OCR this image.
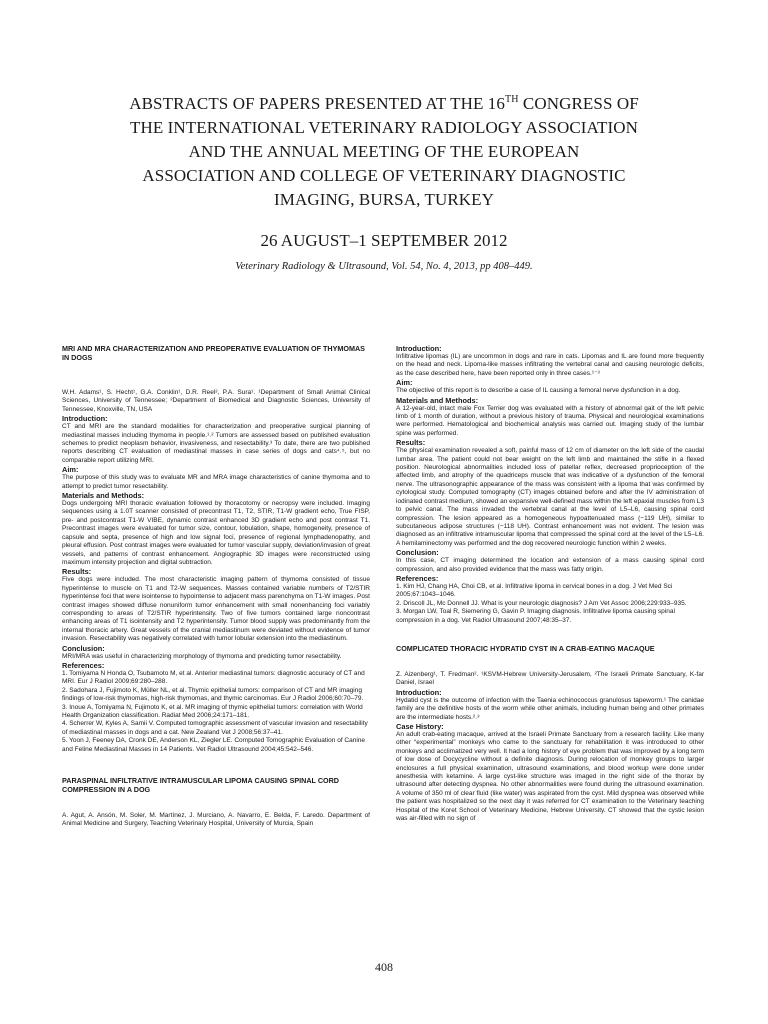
ABSTRACTS OF PAPERS PRESENTED AT THE 16TH CONGRESS OF
THE INTERNATIONAL VETERINARY RADIOLOGY ASSOCIATION
AND THE ANNUAL MEETING OF THE EUROPEAN
ASSOCIATION AND COLLEGE OF VETERINARY DIAGNOSTIC
IMAGING, BURSA, TURKEY

26 AUGUST–1 SEPTEMBER 2012

Veterinary Radiology & Ultrasound, Vol. 54, No. 4, 2013, pp 408–449.

MRI AND MRA CHARACTERIZATION AND PREOPERATIVE EVALUATION OF THYMOMAS IN DOGS

W.H. Adams¹, S. Hecht¹, G.A. Conklin¹, D.R. Reel², P.A. Sura¹. ¹Department of Small Animal Clinical Sciences, University of Tennessee; ²Department of Biomedical and Diagnostic Sciences, University of Tennessee, Knoxville, TN, USA

Introduction:

CT and MRI are the standard modalities for characterization and preoperative surgical planning of mediastinal masses including thymoma in people.¹˒² Tumors are assessed based on published evaluation schemes to predict neoplasm behavior, invasiveness, and resectability.³ To date, there are two published reports describing CT evaluation of mediastinal masses in case series of dogs and cats⁴˒⁵, but no comparable report utilizing MRI.

Aim:

The purpose of this study was to evaluate MR and MRA image characteristics of canine thymoma and to attempt to predict tumor resectability.

Materials and Methods:

Dogs undergoing MRI thoracic evaluation followed by thoracotomy or necropsy were included. Imaging sequences using a 1.0T scanner consisted of precontrast T1, T2, STIR, T1-W gradient echo, True FISP, pre- and postcontrast T1-W VIBE, dynamic contrast enhanced 3D gradient echo and post contrast T1. Precontrast images were evaluated for tumor size, contour, lobulation, shape, homogeneity, presence of capsule and septa, presence of high and low signal foci, presence of regional lymphadenopathy, and pleural effusion. Post contrast images were evaluated for tumor vascular supply, deviation/invasion of great vessels, and patterns of contrast enhancement. Angiographic 3D images were reconstructed using maximum intensity projection and digital subtraction.

Results:

Five dogs were included. The most characteristic imaging pattern of thymoma consisted of tissue hyperintense to muscle on T1 and T2-W sequences. Masses contained variable numbers of T2/STIR hyperintense foci that were isointense to hypointense to adjacent mass parenchyma on T1-W images. Post contrast images showed diffuse nonuniform tumor enhancement with small nonenhancing foci variably corresponding to areas of T2/STIR hyperintensity. Two of five tumors contained large noncontrast enhancing areas of T1 isointensity and T2 hyperintensity. Tumor blood supply was predominantly from the internal thoracic artery. Great vessels of the cranial mediastinum were deviated without evidence of tumor invasion. Resectability was negatively correlated with tumor lobular extension into the mediastinum.

Conclusion:

MRI/MRA was useful in characterizing morphology of thymoma and predicting tumor resectability.

References:

1. Tomiyama N Honda O, Tsubamoto M, et al. Anterior mediastinal tumors: diagnostic accuracy of CT and MRI. Eur J Radiol 2009;69:280–288.
2. Sadohara J, Fujimoto K, Müller NL, et al. Thymic epithelial tumors: comparison of CT and MR imaging findings of low-risk thymomas, high-risk thymomas, and thymic carcinomas. Eur J Radiol 2006;60:70–79.
3. Inoue A, Tomiyama N, Fujimoto K, et al. MR imaging of thymic epithelial tumors: correlation with World Health Organization classification. Radiat Med 2006;24:171–181.
4. Scherrer W, Kyles A, Samii V. Computed tomographic assessment of vascular invasion and resectability of mediastinal masses in dogs and a cat. New Zealand Vet J 2008;56:37–41.
5. Yoon J, Feeney DA, Cronk DE, Anderson KL, Ziegler LE. Computed Tomographic Evaluation of Canine and Feline Mediastinal Masses in 14 Patients. Vet Radiol Ultrasound 2004;45:542–546.

PARASPINAL INFILTRATIVE INTRAMUSCULAR LIPOMA CAUSING SPINAL CORD COMPRESSION IN A DOG

A. Agut, A. Ansón, M. Soler, M. Martínez, J. Murciano, A. Navarro, E. Belda, F. Laredo. Department of Animal Medicine and Surgery, Teaching Veterinary Hospital, University of Murcia, Spain

Introduction:

Infiltrative lipomas (IL) are uncommon in dogs and rare in cats. Lipomas and IL are found more frequently on the head and neck. Lipoma-like masses infiltrating the vertebral canal and causing neurologic deficits, as the case described here, have been reported only in three cases.¹⁻³

Aim:

The objective of this report is to describe a case of IL causing a femoral nerve dysfunction in a dog.

Materials and Methods:

A 12-year-old, intact male Fox Terrier dog was evaluated with a history of abnormal gait of the left pelvic limb of 1 month of duration, without a previous history of trauma. Physical and neurological examinations were performed. Hematological and biochemical analysis was carried out. Imaging study of the lumbar spine was performed.

Results:

The physical examination revealed a soft, painful mass of 12 cm of diameter on the left side of the caudal lumbar area. The patient could not bear weight on the left limb and maintained the stifle in a flexed position. Neurological abnormalities included loss of patellar reflex, decreased proprioception of the affected limb, and atrophy of the quadriceps muscle that was indicative of a dysfunction of the femoral nerve. The ultrasonographic appearance of the mass was consistent with a lipoma that was confirmed by cytological study. Computed tomography (CT) images obtained before and after the IV administration of iodinated contrast medium, showed an expansive well-defined mass within the left epaxial muscles from L3 to pelvic canal. The mass invaded the vertebral canal at the level of L5–L6, causing spinal cord compression. The lesion appeared as a homogeneous hypoattenuated mass (−119 UH), similar to subcutaneous adipose structures (−118 UH). Contrast enhancement was not evident. The lesion was diagnosed as an infiltrative intramuscular lipoma that compressed the spinal cord at the level of the L5–L6. A hemilaminectomy was performed and the dog recovered neurologic function within 2 weeks.

Conclusion:

In this case, CT imaging determined the location and extension of a mass causing spinal cord compression, and also provided evidence that the mass was fatty origin.

References:

1. Kim HJ, Chang HA, Choi CB, et al. Infiltrative lipoma in cervical bones in a dog. J Vet Med Sci 2005;67:1043–1046.
2. Driscoll JL, Mc Donnell JJ. What is your neurologic diagnosis? J Am Vet Assoc 2006;229:933–935.
3. Morgan LW, Toal R, Siemering G, Gavin P. Imaging diagnosis. Infiltrative lipoma causing spinal compression in a dog. Vet Radiol Ultrasound 2007;48:35–37.

COMPLICATED THORACIC HYDRATID CYST IN A CRAB-EATING MACAQUE

Z. Aizenberg¹, T. Fredman². ¹KSVM-Hebrew University-Jerusalem, ²The Israeli Primate Sanctuary, K-far Daniel, Israel

Introduction:

Hydatid cyst is the outcome of infection with the Taenia echinococcus granulosus tapeworm.¹ The canidae family are the definitive hosts of the worm while other animals, including human being and other primates are the intermediate hosts.²˒³

Case History:

An adult crab-eating macaque, arrived at the Israeli Primate Sanctuary from a research facility. Like many other “experimental” monkeys who came to the sanctuary for rehabilitation it was introduced to other monkeys and acclimatized very well. It had a long history of eye problem that was improved by a long term of low dose of Docycycline without a definite diagnosis. During relocation of monkey groups to larger enclosures a full physical examination, ultrasound examinations, and blood workup were done under anesthesia with ketamine. A large cyst-like structure was imaged in the right side of the thorax by ultrasound after detecting dyspnea. No other abnormalities were found during the ultrasound examination. A volume of 350 ml of clear fluid (like water) was aspirated from the cyst. Mild dyspnea was observed while the patient was hospitalized so the next day it was referred for CT examination to the Veterinary teaching Hospital of the Koret School of Veterinary Medicine, Hebrew University. CT showed that the cystic lesion was air-filled with no sign of

408
